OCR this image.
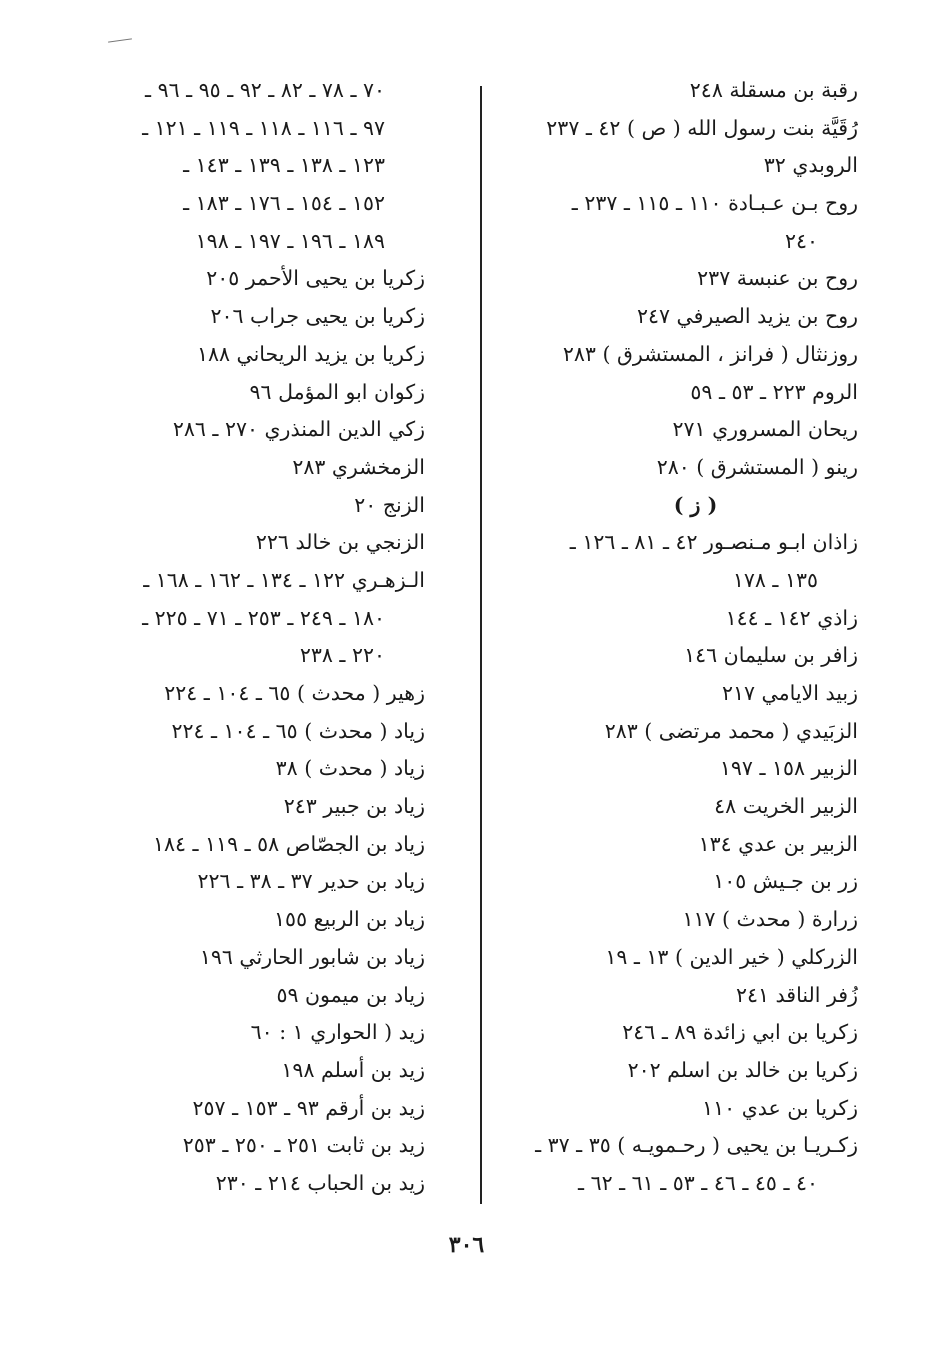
رقبة بن مسقلة ٢٤٨
رُقَيَّة بنت رسول الله ( ص ) ٤٢ ـ ٢٣٧
الروبدي ٣٢
روح بـن عـبـادة ١١٠ ـ ١١٥ ـ ٢٣٧ ـ
٢٤٠
روح بن عنبسة ٢٣٧
روح بن يزيد الصيرفي ٢٤٧
روزنثال ( فرانز ، المستشرق ) ٢٨٣
الروم ٢٢٣ ـ ٥٣ ـ ٥٩
ريحان المسروري ٢٧١
رينو ( المستشرق ) ٢٨٠
( ز )
زاذان ابـو مـنصـور ٤٢ ـ ٨١ ـ ١٢٦ ـ
١٣٥ ـ ١٧٨
زاذي ١٤٢ ـ ١٤٤
زافر بن سليمان ١٤٦
زبيد الايامي ٢١٧
الزبَيدي ( محمد مرتضى ) ٢٨٣
الزبير ١٥٨ ـ ١٩٧
الزبير الخريت ٤٨
الزبير بن عدي ١٣٤
زر بن جـيش ١٠٥
زرارة ( محدث ) ١١٧
الزركلي ( خير الدين ) ١٣ ـ ١٩
زُفر الناقد ٢٤١
زكريا بن ابي زائدة ٨٩ ـ ٢٤٦
زكريا بن خالد بن اسلم ٢٠٢
زكريا بن عدي ١١٠
زكـريـا بن يحيى ( رحـمويـه ) ٣٥ ـ ٣٧ ـ
٤٠ ـ ٤٥ ـ ٤٦ ـ ٥٣ ـ ٦١ ـ ٦٢ ـ
٧٠ ـ ٧٨ ـ ٨٢ ـ ٩٢ ـ ٩٥ ـ ٩٦ ـ
٩٧ ـ ١١٦ ـ ١١٨ ـ ١١٩ ـ ١٢١ ـ
١٢٣ ـ ١٣٨ ـ ١٣٩ ـ ١٤٣ ـ
١٥٢ ـ ١٥٤ ـ ١٧٦ ـ ١٨٣ ـ
١٨٩ ـ ١٩٦ ـ ١٩٧ ـ ١٩٨
زكريا بن يحيى الأحمر ٢٠٥
زكريا بن يحيى جراب ٢٠٦
زكريا بن يزيد الريحاني ١٨٨
زكوان ابو المؤمل ٩٦
زكي الدين المنذري ٢٧٠ ـ ٢٨٦
الزمخشري ٢٨٣
الزنج ٢٠
الزنجي بن خالد ٢٢٦
الـزهـري ١٢٢ ـ ١٣٤ ـ ١٦٢ ـ ١٦٨ ـ
١٨٠ ـ ٢٤٩ ـ ٢٥٣ ـ ٧١ ـ ٢٢٥ ـ
٢٢٠ ـ ٢٣٨
زهير ( محدث ) ٦٥ ـ ١٠٤ ـ ٢٢٤
زياد ( محدث ) ٦٥ ـ ١٠٤ ـ ٢٢٤
زياد ( محدث ) ٣٨
زياد بن جبير ٢٤٣
زياد بن الجصّاص ٥٨ ـ ١١٩ ـ ١٨٤
زياد بن حدير ٣٧ ـ ٣٨ ـ ٢٢٦
زياد بن الربيع ١٥٥
زياد بن شابور الحارثي ١٩٦
زياد بن ميمون ٥٩
زيد ( الحواري ١ : ٦٠
زيد بن أسلم ١٩٨
زيد بن أرقم ٩٣ ـ ١٥٣ ـ ٢٥٧
زيد بن ثابت ٢٥١ ـ ٢٥٠ ـ ٢٥٣
زيد بن الحباب ٢١٤ ـ ٢٣٠
٣٠٦
